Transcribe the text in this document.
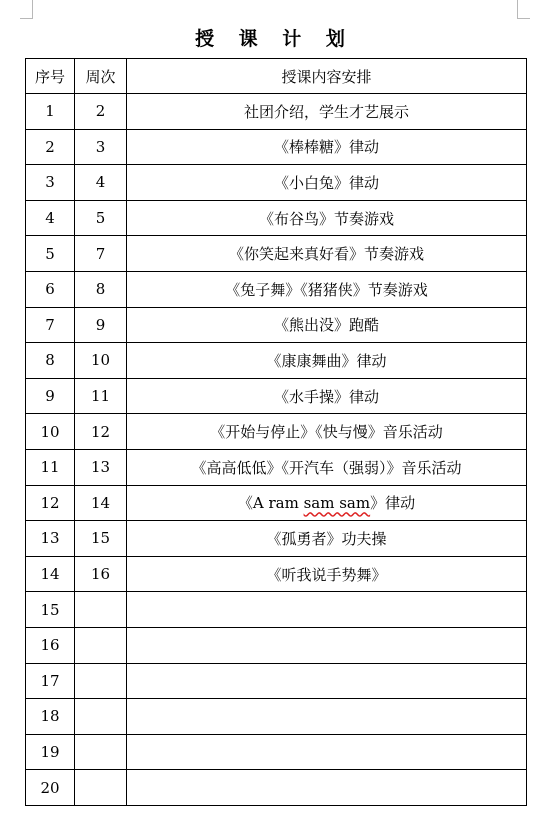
授 课 计 划
序号	周次	授课内容安排
1	2	社团介绍，学生才艺展示
2	3	《棒棒糖》律动
3	4	《小白兔》律动
4	5	《布谷鸟》节奏游戏
5	7	《你笑起来真好看》节奏游戏
6	8	《兔子舞》《猪猪侠》节奏游戏
7	9	《熊出没》跑酷
8	10	《康康舞曲》律动
9	11	《水手操》律动
10	12	《开始与停止》《快与慢》音乐活动
11	13	《高高低低》《开汽车（强弱）》音乐活动
12	14	《A ram sam sam》律动
13	15	《孤勇者》功夫操
14	16	《听我说手势舞》
15		
16		
17		
18		
19		
20		
